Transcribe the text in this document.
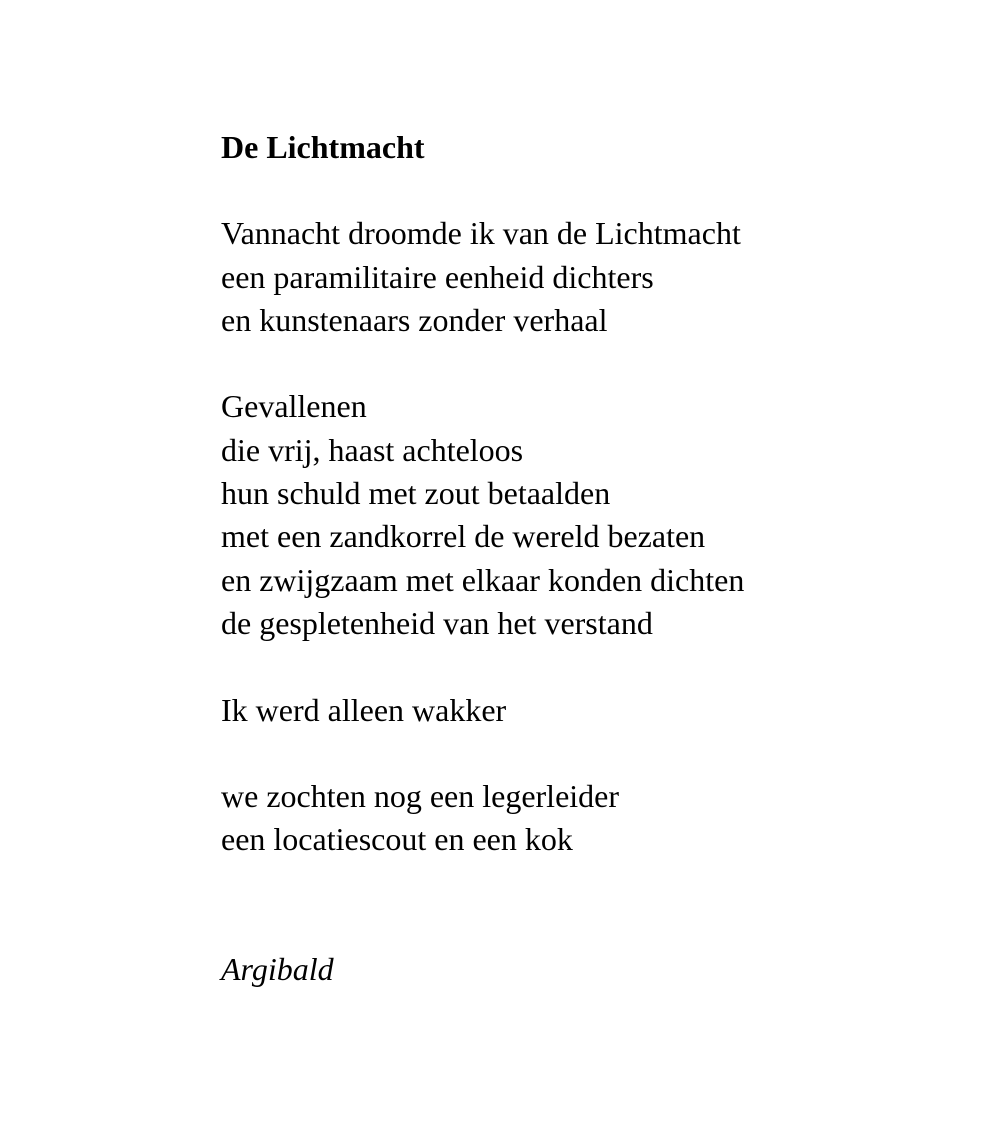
De Lichtmacht
Vannacht droomde ik van de Lichtmacht
een paramilitaire eenheid dichters
en kunstenaars zonder verhaal
Gevallenen
die vrij, haast achteloos
hun schuld met zout betaalden
met een zandkorrel de wereld bezaten
en zwijgzaam met elkaar konden dichten
de gespletenheid van het verstand
Ik werd alleen wakker
we zochten nog een legerleider
een locatiescout en een kok
Argibald
